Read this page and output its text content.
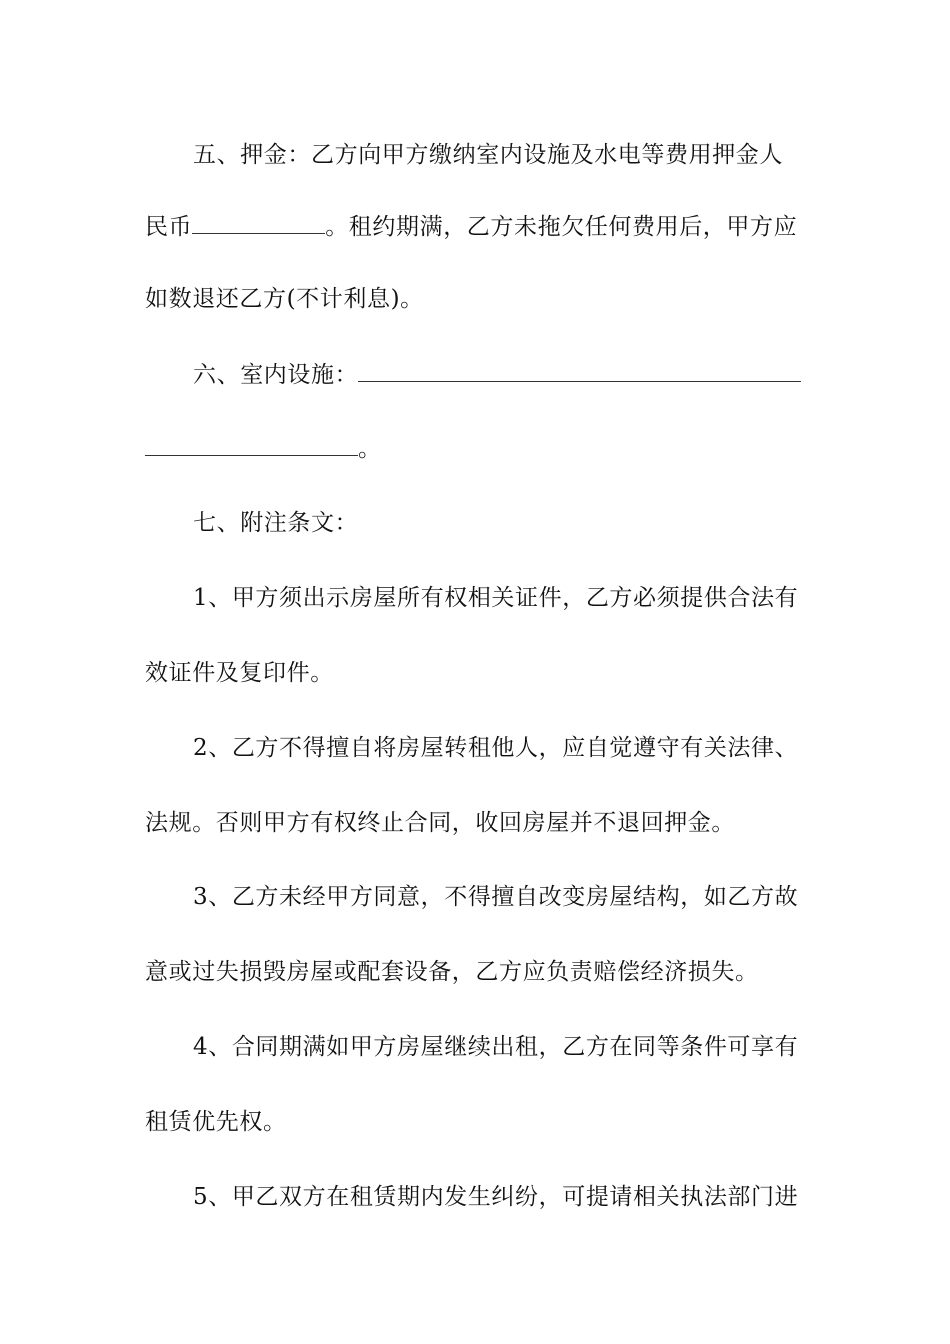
五、押金：乙方向甲方缴纳室内设施及水电等费用押金人
民币	。租约期满，乙方未拖欠任何费用后，甲方应
如数退还乙方(不计利息)。
六、室内设施：
。
七、附注条文：
1、甲方须出示房屋所有权相关证件，乙方必须提供合法有
效证件及复印件。
2、乙方不得擅自将房屋转租他人，应自觉遵守有关法律、
法规。否则甲方有权终止合同，收回房屋并不退回押金。
3、乙方未经甲方同意，不得擅自改变房屋结构，如乙方故
意或过失损毁房屋或配套设备，乙方应负责赔偿经济损失。
4、合同期满如甲方房屋继续出租，乙方在同等条件可享有
租赁优先权。
5、甲乙双方在租赁期内发生纠纷，可提请相关执法部门进
